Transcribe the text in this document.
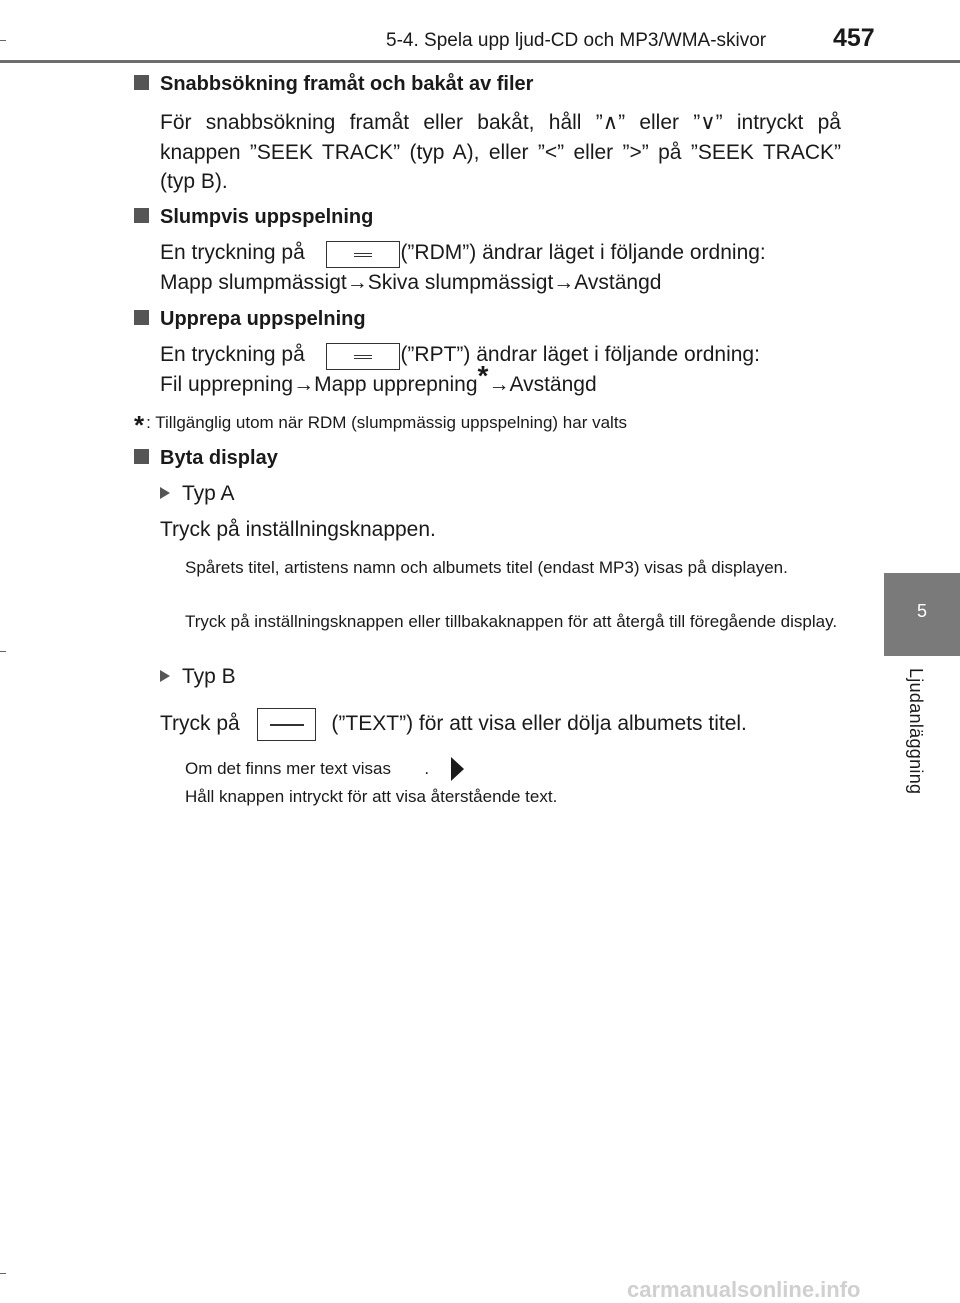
5-4. Spela upp ljud-CD och MP3/WMA-skivor	457
5
Ljudanläggning
Snabbsökning framåt och bakåt av filer
För snabbsökning framåt eller bakåt, håll ”∧” eller ”∨” intryckt på knappen ”SEEK TRACK” (typ A), eller ”<” eller ”>” på ”SEEK TRACK” (typ B).
Slumpvis uppspelning
En tryckning på	(”RDM”) ändrar läget i följande ordning:
Mapp slumpmässigt→Skiva slumpmässigt→Avstängd
Upprepa uppspelning
En tryckning på	(”RPT”) ändrar läget i följande ordning:
Fil upprepning→Mapp upprepning*→Avstängd
* : Tillgänglig utom när RDM (slumpmässig uppspelning) har valts
Byta display
Typ A
Tryck på inställningsknappen.
Spårets titel, artistens namn och albumets titel (endast MP3) visas på displayen.
Tryck på inställningsknappen eller tillbakaknappen för att återgå till föregående display.
Typ B
Tryck på	(”TEXT”) för att visa eller dölja albumets titel.
Om det finns mer text visas .
Håll knappen intryckt för att visa återstående text.
carmanualsonline.info
